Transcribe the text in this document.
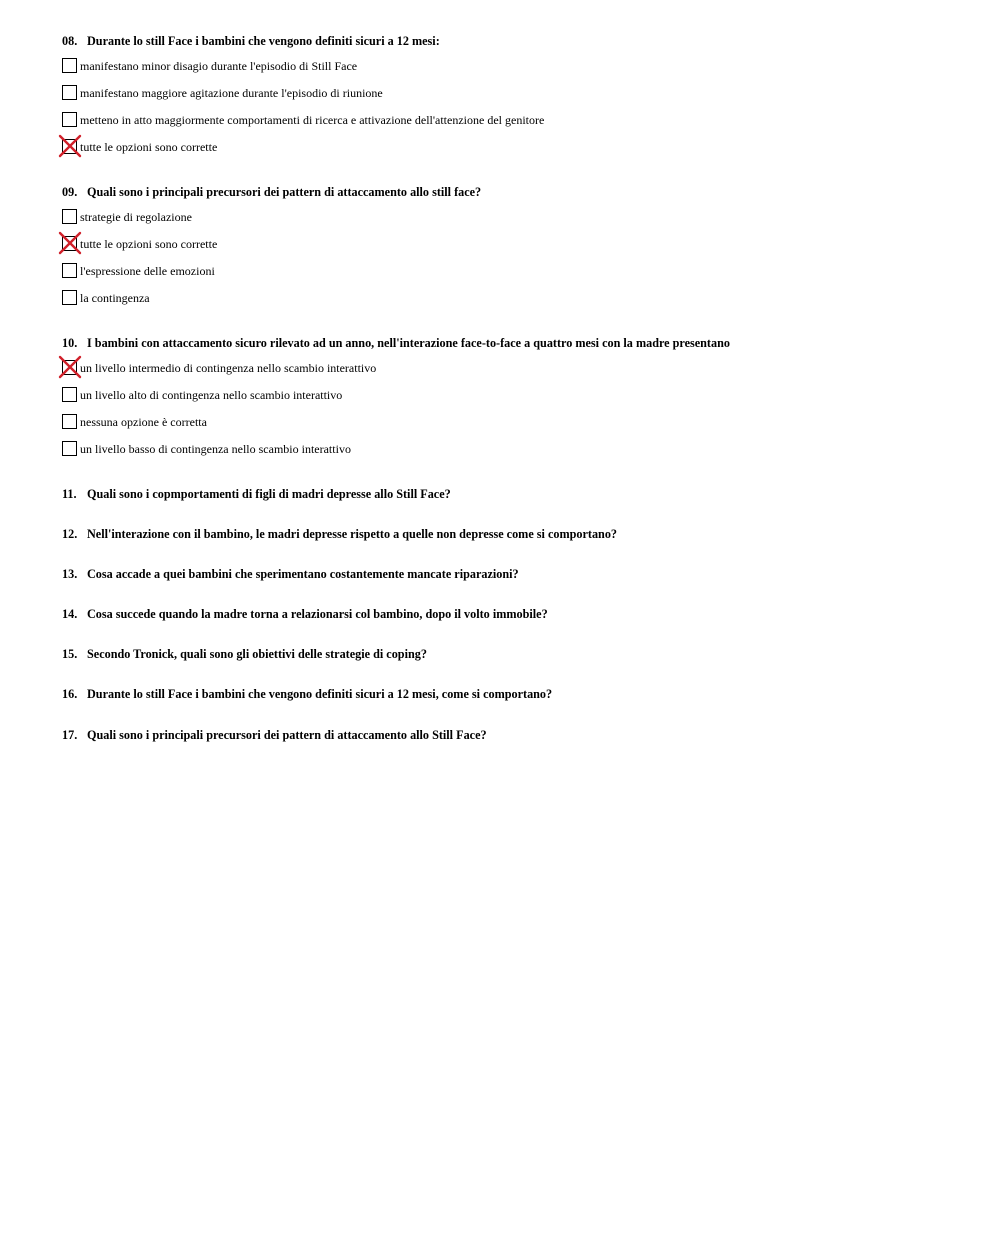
08. Durante lo still Face i bambini che vengono definiti sicuri a 12 mesi:
manifestano minor disagio durante l'episodio di Still Face
manifestano maggiore agitazione durante l'episodio di riunione
metteno in atto maggiormente comportamenti di ricerca e attivazione dell'attenzione del genitore
tutte le opzioni sono corrette
09. Quali sono i principali precursori dei pattern di attaccamento allo still face?
strategie di regolazione
tutte le opzioni sono corrette
l'espressione delle emozioni
la contingenza
10. I bambini con attaccamento sicuro rilevato ad un anno, nell'interazione face-to-face a quattro mesi con la madre presentano
un livello intermedio di contingenza nello scambio interattivo
un livello alto di contingenza nello scambio interattivo
nessuna opzione è corretta
un livello basso di contingenza nello scambio interattivo
11. Quali sono i copmportamenti di figli di madri depresse allo Still Face?
12. Nell'interazione con il bambino, le madri depresse rispetto a quelle non depresse come si comportano?
13. Cosa accade a quei bambini che sperimentano costantemente mancate riparazioni?
14. Cosa succede quando la madre torna a relazionarsi col bambino, dopo il volto immobile?
15. Secondo Tronick, quali sono gli obiettivi delle strategie di coping?
16. Durante lo still Face i bambini che vengono definiti sicuri a 12 mesi, come si comportano?
17. Quali sono i principali precursori dei pattern di attaccamento allo Still Face?
